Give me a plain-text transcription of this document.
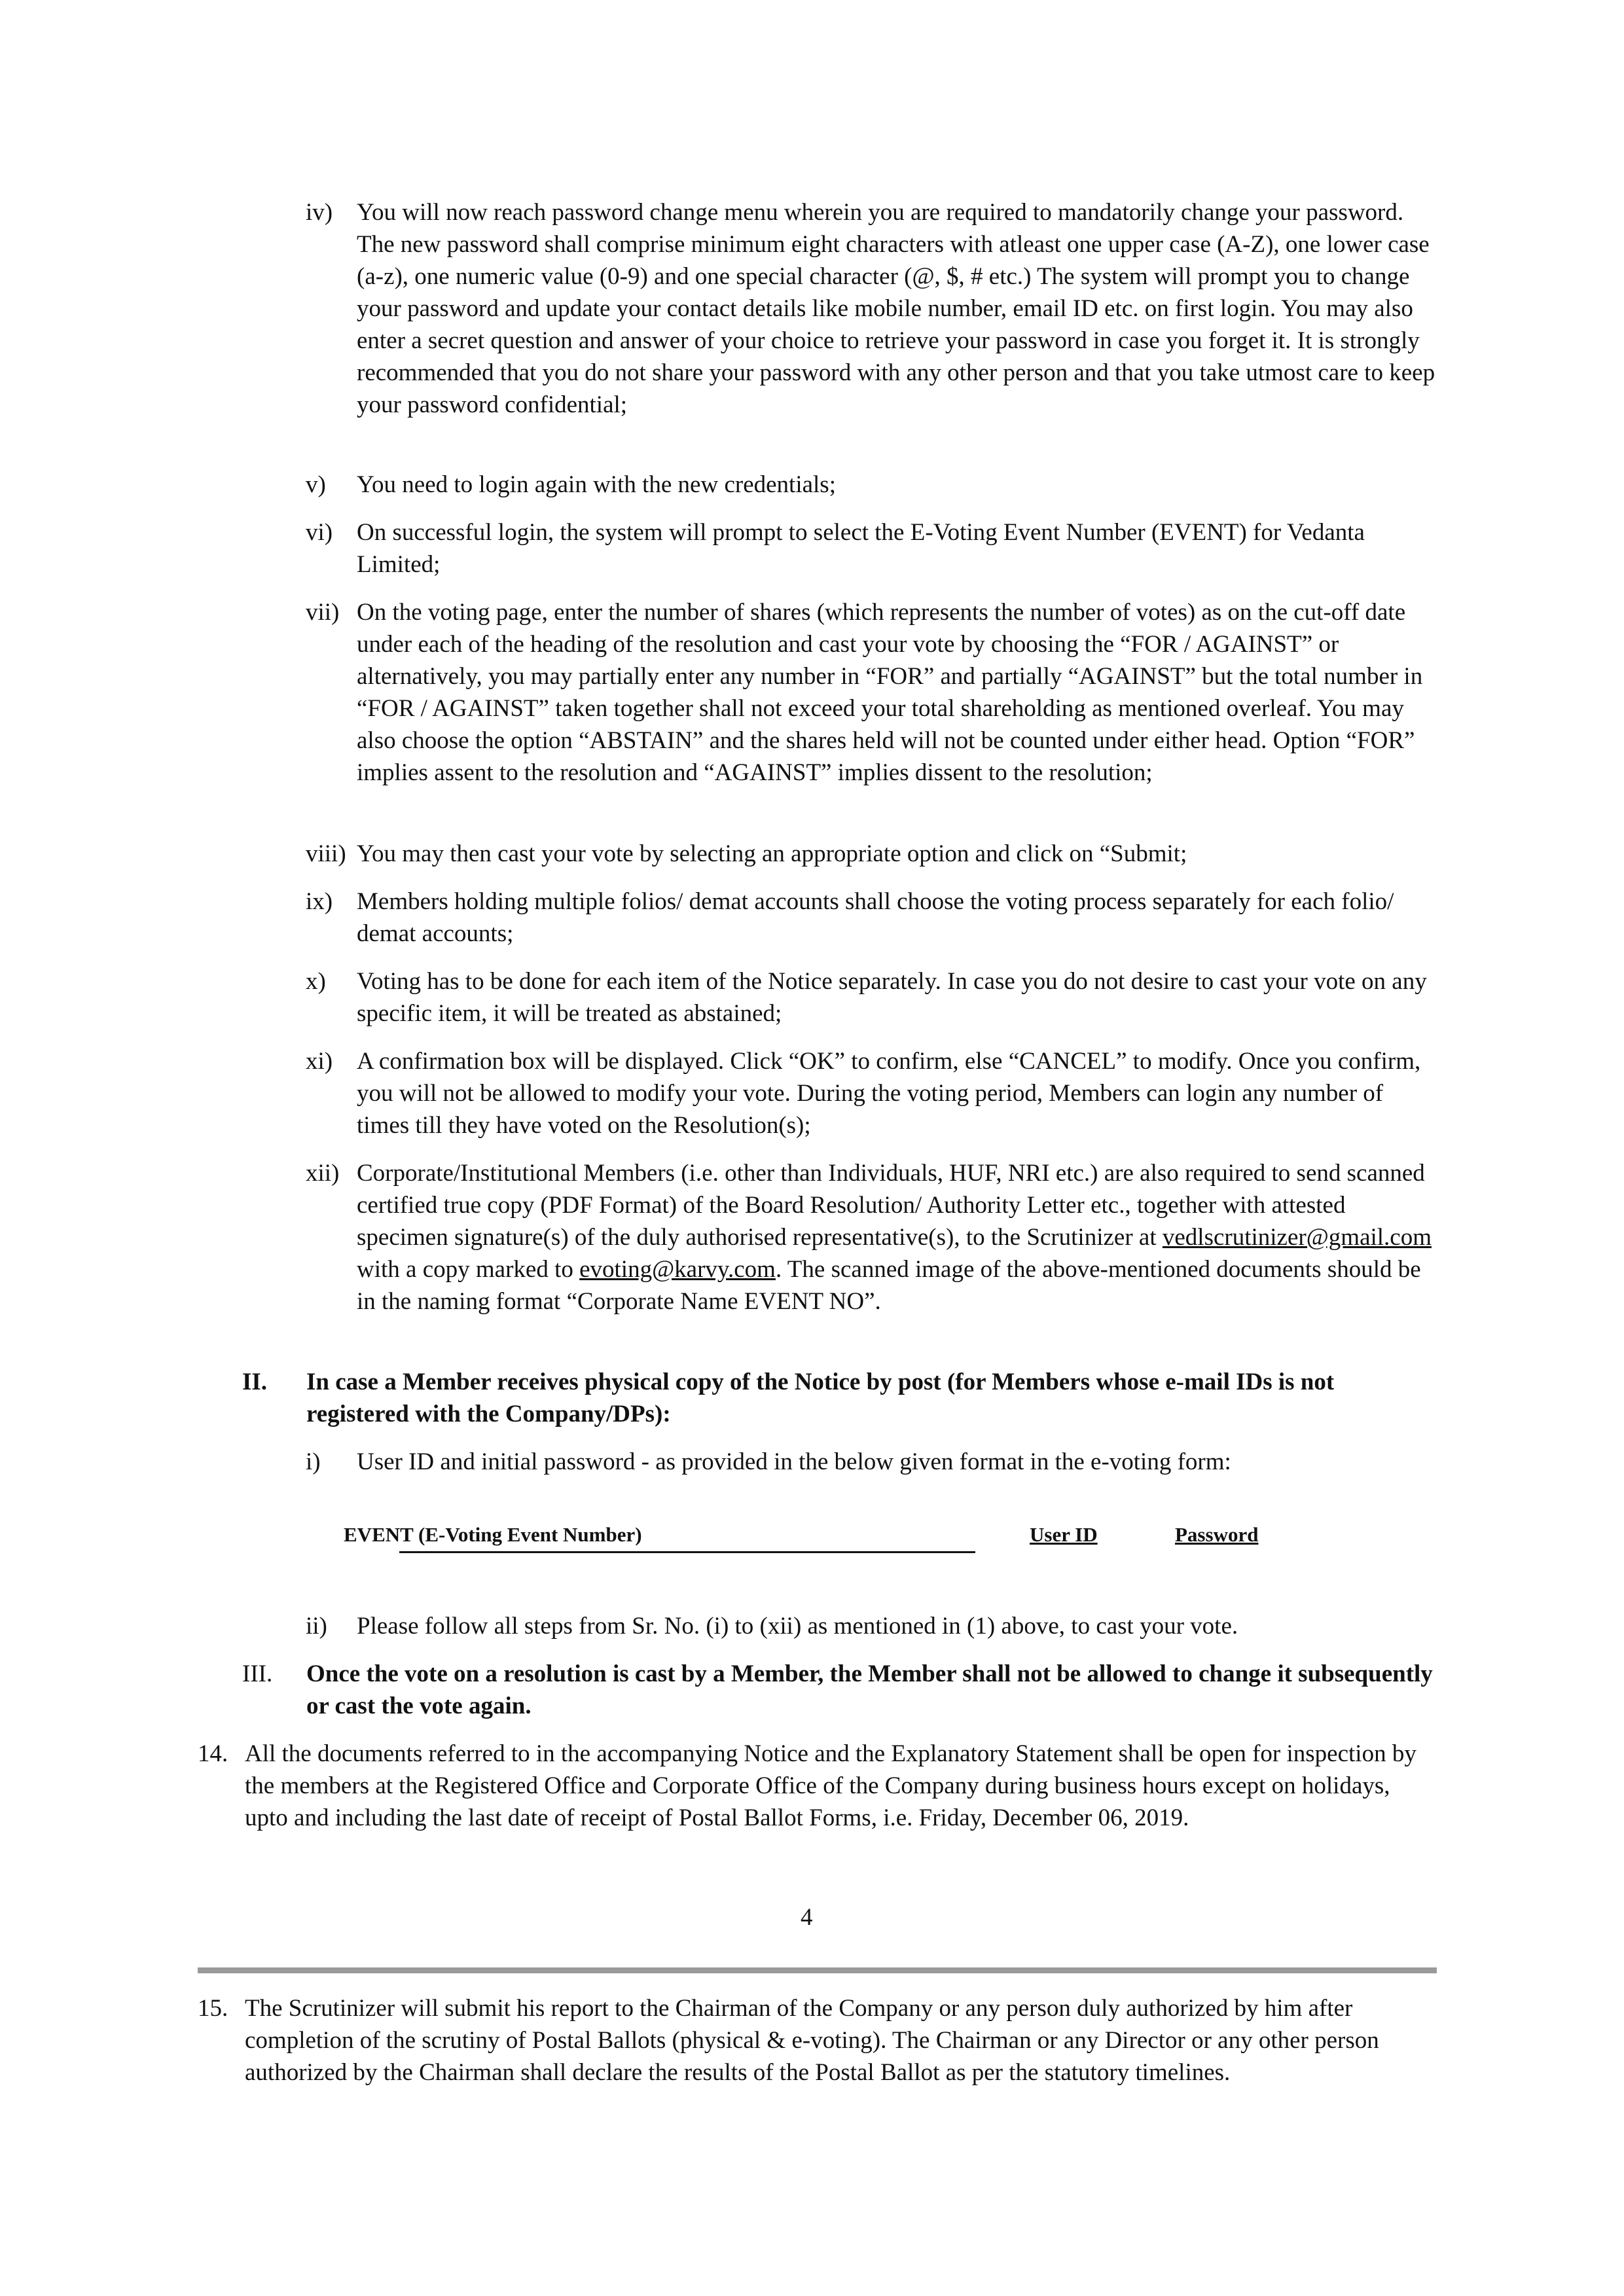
iv) You will now reach password change menu wherein you are required to mandatorily change your password. The new password shall comprise minimum eight characters with atleast one upper case (A-Z), one lower case (a-z), one numeric value (0-9) and one special character (@, $, # etc.) The system will prompt you to change your password and update your contact details like mobile number, email ID etc. on first login. You may also enter a secret question and answer of your choice to retrieve your password in case you forget it. It is strongly recommended that you do not share your password with any other person and that you take utmost care to keep your password confidential;

v) You need to login again with the new credentials;

vi) On successful login, the system will prompt to select the E-Voting Event Number (EVENT) for Vedanta Limited;

vii) On the voting page, enter the number of shares (which represents the number of votes) as on the cut-off date under each of the heading of the resolution and cast your vote by choosing the “FOR / AGAINST” or alternatively, you may partially enter any number in “FOR” and partially “AGAINST” but the total number in “FOR / AGAINST” taken together shall not exceed your total shareholding as mentioned overleaf. You may also choose the option “ABSTAIN” and the shares held will not be counted under either head. Option “FOR” implies assent to the resolution and “AGAINST” implies dissent to the resolution;

viii) You may then cast your vote by selecting an appropriate option and click on “Submit;

ix) Members holding multiple folios/ demat accounts shall choose the voting process separately for each folio/ demat accounts;

x) Voting has to be done for each item of the Notice separately. In case you do not desire to cast your vote on any specific item, it will be treated as abstained;

xi) A confirmation box will be displayed. Click “OK” to confirm, else “CANCEL” to modify. Once you confirm, you will not be allowed to modify your vote. During the voting period, Members can login any number of times till they have voted on the Resolution(s);

xii) Corporate/Institutional Members (i.e. other than Individuals, HUF, NRI etc.) are also required to send scanned certified true copy (PDF Format) of the Board Resolution/ Authority Letter etc., together with attested specimen signature(s) of the duly authorised representative(s), to the Scrutinizer at vedlscrutinizer@gmail.com with a copy marked to evoting@karvy.com. The scanned image of the above-mentioned documents should be in the naming format “Corporate Name EVENT NO”.

II. In case a Member receives physical copy of the Notice by post (for Members whose e-mail IDs is not registered with the Company/DPs):

i) User ID and initial password - as provided in the below given format in the e-voting form:

EVENT (E-Voting Event Number)	User ID	Password
ii) Please follow all steps from Sr. No. (i) to (xii) as mentioned in (1) above, to cast your vote.

III. Once the vote on a resolution is cast by a Member, the Member shall not be allowed to change it subsequently or cast the vote again.

14. All the documents referred to in the accompanying Notice and the Explanatory Statement shall be open for inspection by the members at the Registered Office and Corporate Office of the Company during business hours except on holidays, upto and including the last date of receipt of Postal Ballot Forms, i.e. Friday, December 06, 2019.

4
15. The Scrutinizer will submit his report to the Chairman of the Company or any person duly authorized by him after completion of the scrutiny of Postal Ballots (physical & e-voting). The Chairman or any Director or any other person authorized by the Chairman shall declare the results of the Postal Ballot as per the statutory timelines.
